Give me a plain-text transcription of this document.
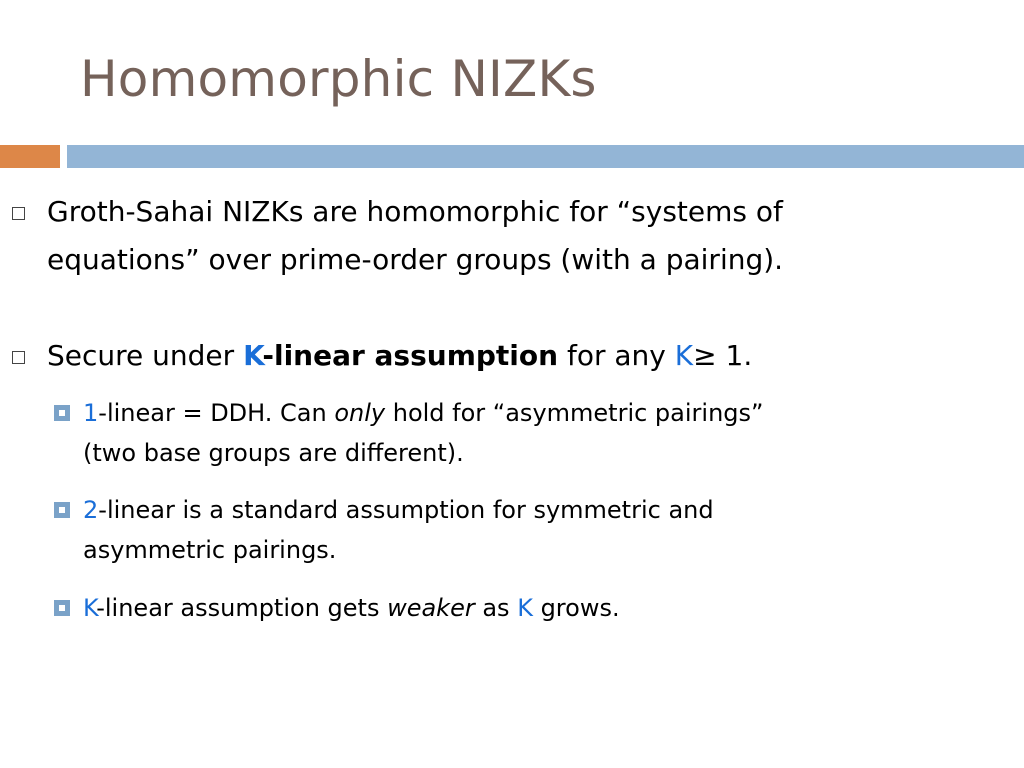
Homomorphic NIZKs
Groth-Sahai NIZKs are homomorphic for “systems of
equations” over prime-order groups (with a pairing).
Secure under K-linear assumption for any K≥ 1.
1-linear = DDH. Can only hold for “asymmetric pairings”
(two base groups are different).
2-linear is a standard assumption for symmetric and
asymmetric pairings.
K-linear assumption gets weaker as K grows.
